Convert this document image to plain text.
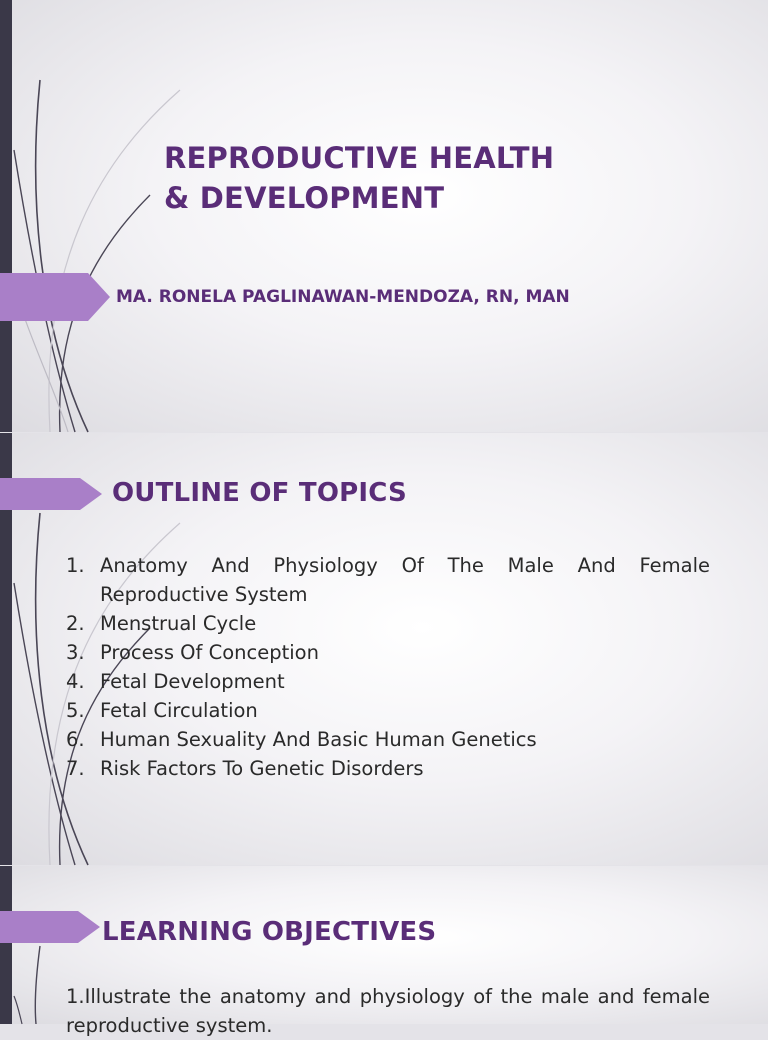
REPRODUCTIVE HEALTH
& DEVELOPMENT
MA. RONELA PAGLINAWAN-MENDOZA, RN, MAN
OUTLINE OF TOPICS
1. Anatomy And Physiology Of The Male And Female Reproductive System
2. Menstrual Cycle
3. Process Of Conception
4. Fetal Development
5. Fetal Circulation
6. Human Sexuality And Basic Human Genetics
7. Risk Factors To Genetic Disorders
LEARNING OBJECTIVES

1.Illustrate the anatomy and physiology of the male and female reproductive system.
